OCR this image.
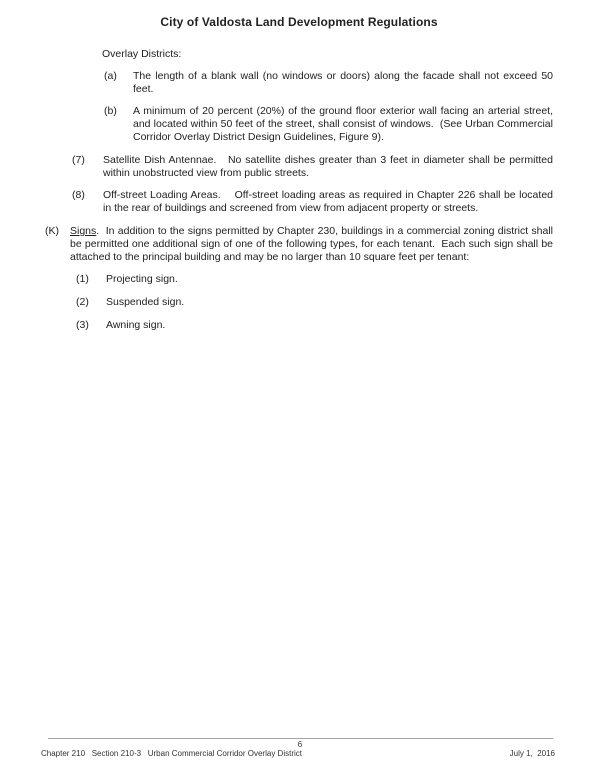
City of Valdosta Land Development Regulations
Overlay Districts:
(a)	The length of a blank wall (no windows or doors) along the facade shall not exceed 50 feet.
(b)	A minimum of 20 percent (20%) of the ground floor exterior wall facing an arterial street, and located within 50 feet of the street, shall consist of windows.  (See Urban Commercial Corridor Overlay District Design Guidelines, Figure 9).
(7)	Satellite Dish Antennae.   No satellite dishes greater than 3 feet in diameter shall be permitted within unobstructed view from public streets.
(8)	Off-street Loading Areas.    Off-street loading areas as required in Chapter 226 shall be located in the rear of buildings and screened from view from adjacent property or streets.
(K)	Signs.  In addition to the signs permitted by Chapter 230, buildings in a commercial zoning district shall be permitted one additional sign of one of the following types, for each tenant.  Each such sign shall be attached to the principal building and may be no larger than 10 square feet per tenant:
(1)	Projecting sign.
(2)	Suspended sign.
(3)	Awning sign.
6
Chapter 210   Section 210-3   Urban Commercial Corridor Overlay District	July 1,  2016
